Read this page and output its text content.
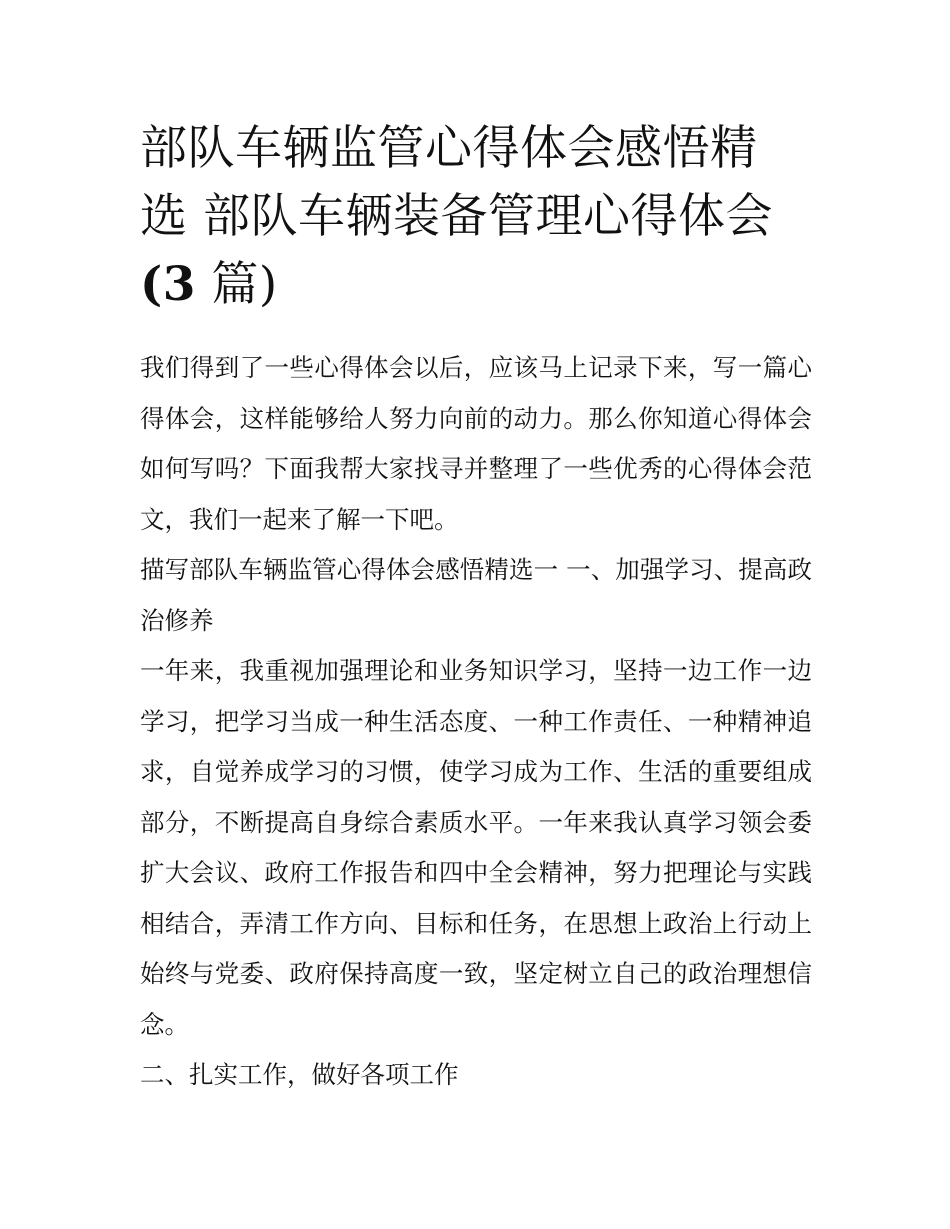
部队车辆监管心得体会感悟精
选 部队车辆装备管理心得体会
(3 篇)

我们得到了一些心得体会以后，应该马上记录下来，写一篇心得体会，这样能够给人努力向前的动力。那么你知道心得体会如何写吗？下面我帮大家找寻并整理了一些优秀的心得体会范文，我们一起来了解一下吧。

描写部队车辆监管心得体会感悟精选一 一、加强学习、提高政治修养

一年来，我重视加强理论和业务知识学习，坚持一边工作一边学习，把学习当成一种生活态度、一种工作责任、一种精神追求，自觉养成学习的习惯，使学习成为工作、生活的重要组成部分，不断提高自身综合素质水平。一年来我认真学习领会委扩大会议、政府工作报告和四中全会精神，努力把理论与实践相结合，弄清工作方向、目标和任务，在思想上政治上行动上始终与党委、政府保持高度一致，坚定树立自己的政治理想信念。

二、扎实工作，做好各项工作
